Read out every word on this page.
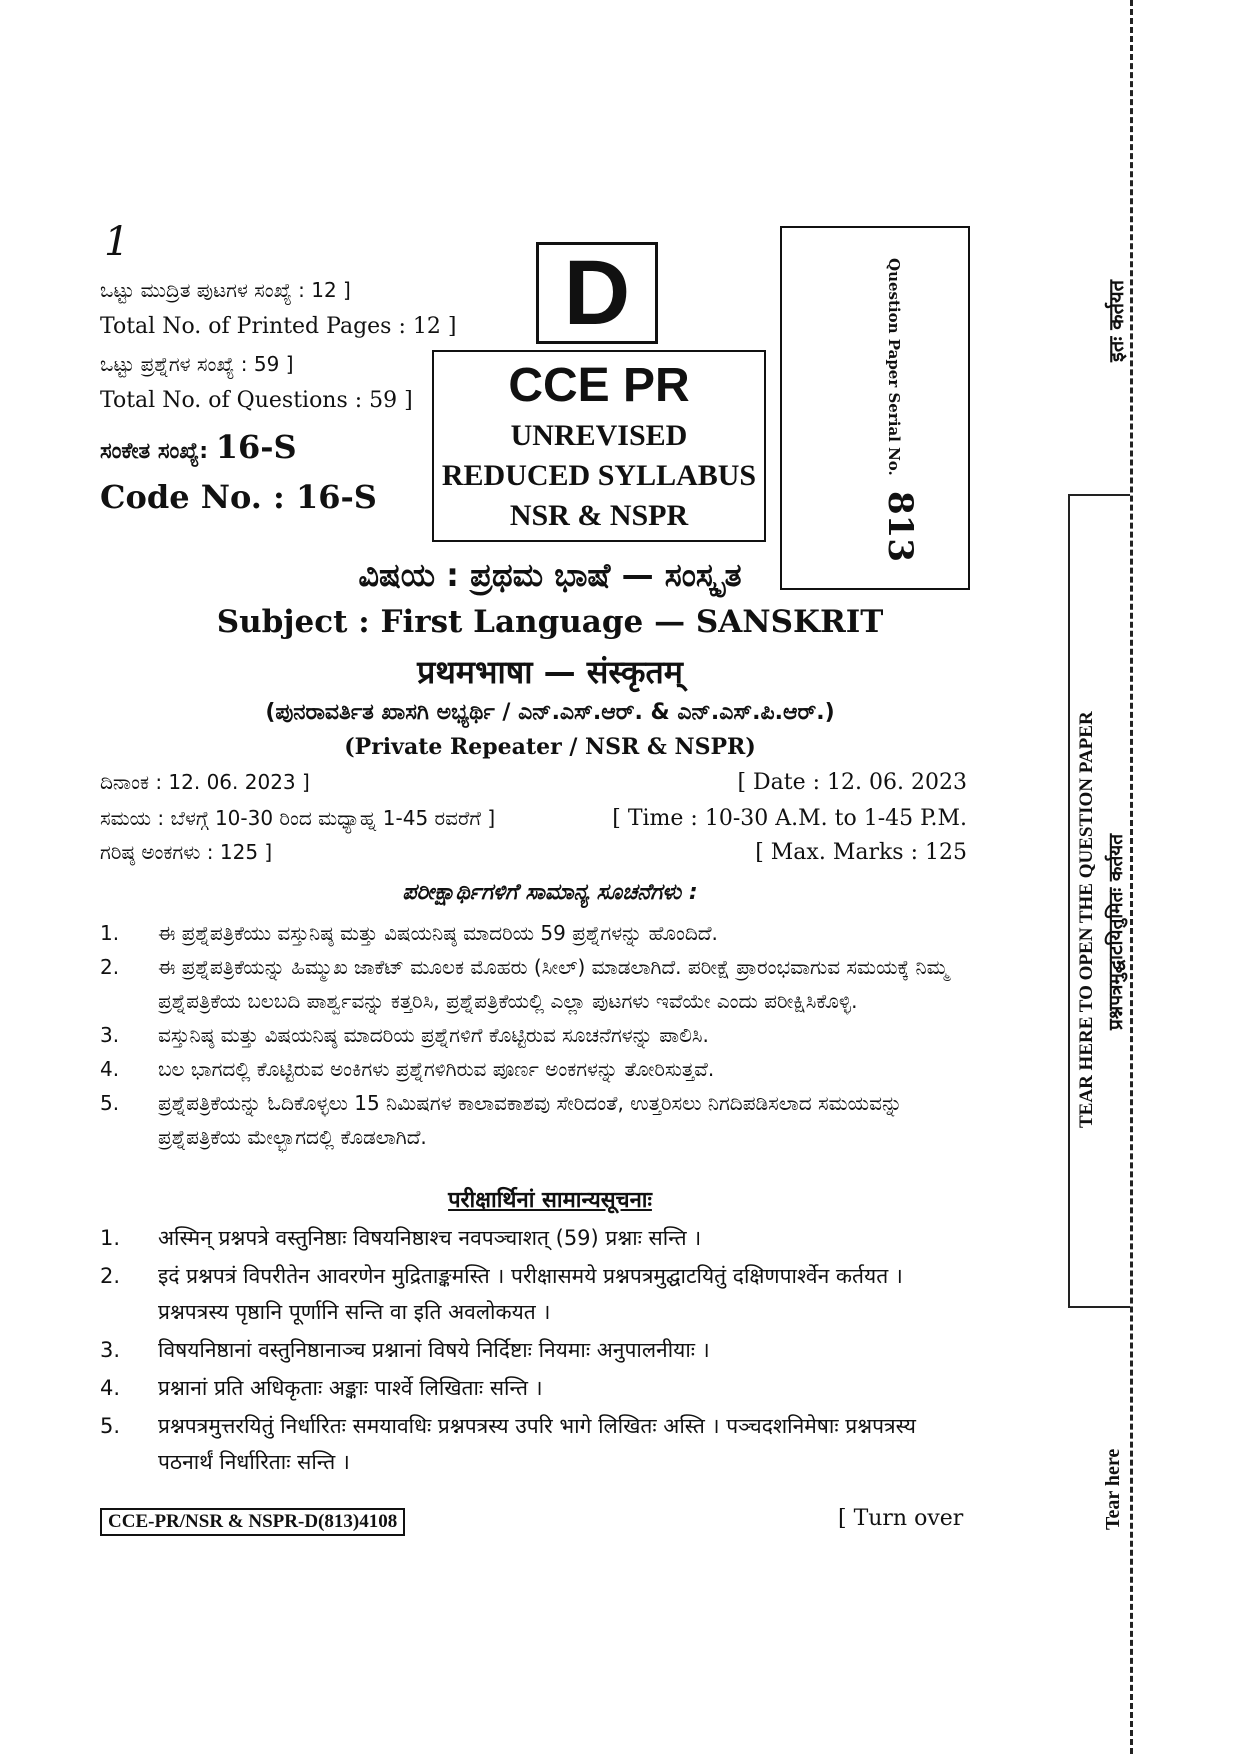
1
ಒಟ್ಟು ಮುದ್ರಿತ ಪುಟಗಳ ಸಂಖ್ಯೆ : 12 ]
Total No. of Printed Pages : 12 ]
ಒಟ್ಟು ಪ್ರಶ್ನೆಗಳ ಸಂಖ್ಯೆ : 59 ]
Total No. of Questions : 59 ]
ಸಂಕೇತ ಸಂಖ್ಯೆ: 16-S
Code No. : 16-S
D
CCE PR
UNREVISED
REDUCED SYLLABUS
NSR & NSPR
Question Paper Serial No. 813
ವಿಷಯ : ಪ್ರಥಮ ಭಾಷೆ — ಸಂಸ್ಕೃತ
Subject : First Language — SANSKRIT
प्रथमभाषा — संस्कृतम्
(ಪುನರಾವರ್ತಿತ ಖಾಸಗಿ ಅಭ್ಯರ್ಥಿ / ಎನ್.ಎಸ್.ಆರ್. & ಎನ್.ಎಸ್.ಪಿ.ಆರ್.)
(Private Repeater / NSR & NSPR)
ದಿನಾಂಕ : 12. 06. 2023 ]	[ Date : 12. 06. 2023
ಸಮಯ : ಬೆಳಗ್ಗೆ 10-30 ರಿಂದ ಮಧ್ಯಾಹ್ನ 1-45 ರವರೆಗೆ ]	[ Time : 10-30 A.M. to 1-45 P.M.
ಗರಿಷ್ಠ ಅಂಕಗಳು : 125 ]	[ Max. Marks : 125
ಪರೀಕ್ಷಾರ್ಥಿಗಳಿಗೆ ಸಾಮಾನ್ಯ ಸೂಚನೆಗಳು :
1. ಈ ಪ್ರಶ್ನೆಪತ್ರಿಕೆಯು ವಸ್ತುನಿಷ್ಠ ಮತ್ತು ವಿಷಯನಿಷ್ಠ ಮಾದರಿಯ 59 ಪ್ರಶ್ನೆಗಳನ್ನು ಹೊಂದಿದೆ.
2. ಈ ಪ್ರಶ್ನೆಪತ್ರಿಕೆಯನ್ನು ಹಿಮ್ಮುಖ ಜಾಕೆಟ್ ಮೂಲಕ ಮೊಹರು (ಸೀಲ್) ಮಾಡಲಾಗಿದೆ. ಪರೀಕ್ಷೆ ಪ್ರಾರಂಭವಾಗುವ ಸಮಯಕ್ಕೆ ನಿಮ್ಮ ಪ್ರಶ್ನೆಪತ್ರಿಕೆಯ ಬಲಬದಿ ಪಾರ್ಶ್ವವನ್ನು ಕತ್ತರಿಸಿ, ಪ್ರಶ್ನೆಪತ್ರಿಕೆಯಲ್ಲಿ ಎಲ್ಲಾ ಪುಟಗಳು ಇವೆಯೇ ಎಂದು ಪರೀಕ್ಷಿಸಿಕೊಳ್ಳಿ.
3. ವಸ್ತುನಿಷ್ಠ ಮತ್ತು ವಿಷಯನಿಷ್ಠ ಮಾದರಿಯ ಪ್ರಶ್ನೆಗಳಿಗೆ ಕೊಟ್ಟಿರುವ ಸೂಚನೆಗಳನ್ನು ಪಾಲಿಸಿ.
4. ಬಲ ಭಾಗದಲ್ಲಿ ಕೊಟ್ಟಿರುವ ಅಂಕಿಗಳು ಪ್ರಶ್ನೆಗಳಿಗಿರುವ ಪೂರ್ಣ ಅಂಕಗಳನ್ನು ತೋರಿಸುತ್ತವೆ.
5. ಪ್ರಶ್ನೆಪತ್ರಿಕೆಯನ್ನು ಓದಿಕೊಳ್ಳಲು 15 ನಿಮಿಷಗಳ ಕಾಲಾವಕಾಶವು ಸೇರಿದಂತೆ, ಉತ್ತರಿಸಲು ನಿಗದಿಪಡಿಸಲಾದ ಸಮಯವನ್ನು ಪ್ರಶ್ನೆಪತ್ರಿಕೆಯ ಮೇಲ್ಭಾಗದಲ್ಲಿ ಕೊಡಲಾಗಿದೆ.
परीक्षार्थिनां सामान्यसूचनाः
1. अस्मिन् प्रश्नपत्रे वस्तुनिष्ठाः विषयनिष्ठाश्च नवपञ्चाशत् (59) प्रश्नाः सन्ति ।
2. इदं प्रश्नपत्रं विपरीतेन आवरणेन मुद्रिताङ्कमस्ति । परीक्षासमये प्रश्नपत्रमुद्घाटयितुं दक्षिणपार्श्वेन कर्तयत । प्रश्नपत्रस्य पृष्ठानि पूर्णानि सन्ति वा इति अवलोकयत ।
3. विषयनिष्ठानां वस्तुनिष्ठानाञ्च प्रश्नानां विषये निर्दिष्टाः नियमाः अनुपालनीयाः ।
4. प्रश्नानां प्रति अधिकृताः अङ्काः पार्श्वे लिखिताः सन्ति ।
5. प्रश्नपत्रमुत्तरयितुं निर्धारितः समयावधिः प्रश्नपत्रस्य उपरि भागे लिखितः अस्ति । पञ्चदशनिमेषाः प्रश्नपत्रस्य पठनार्थं निर्धारिताः सन्ति ।
CCE-PR/NSR & NSPR-D(813)4108	[ Turn over
इतः कर्तयत
TEAR HERE TO OPEN THE QUESTION PAPER प्रश्नपत्रमुद्घाटयितुमितः कर्तयत
Tear here
